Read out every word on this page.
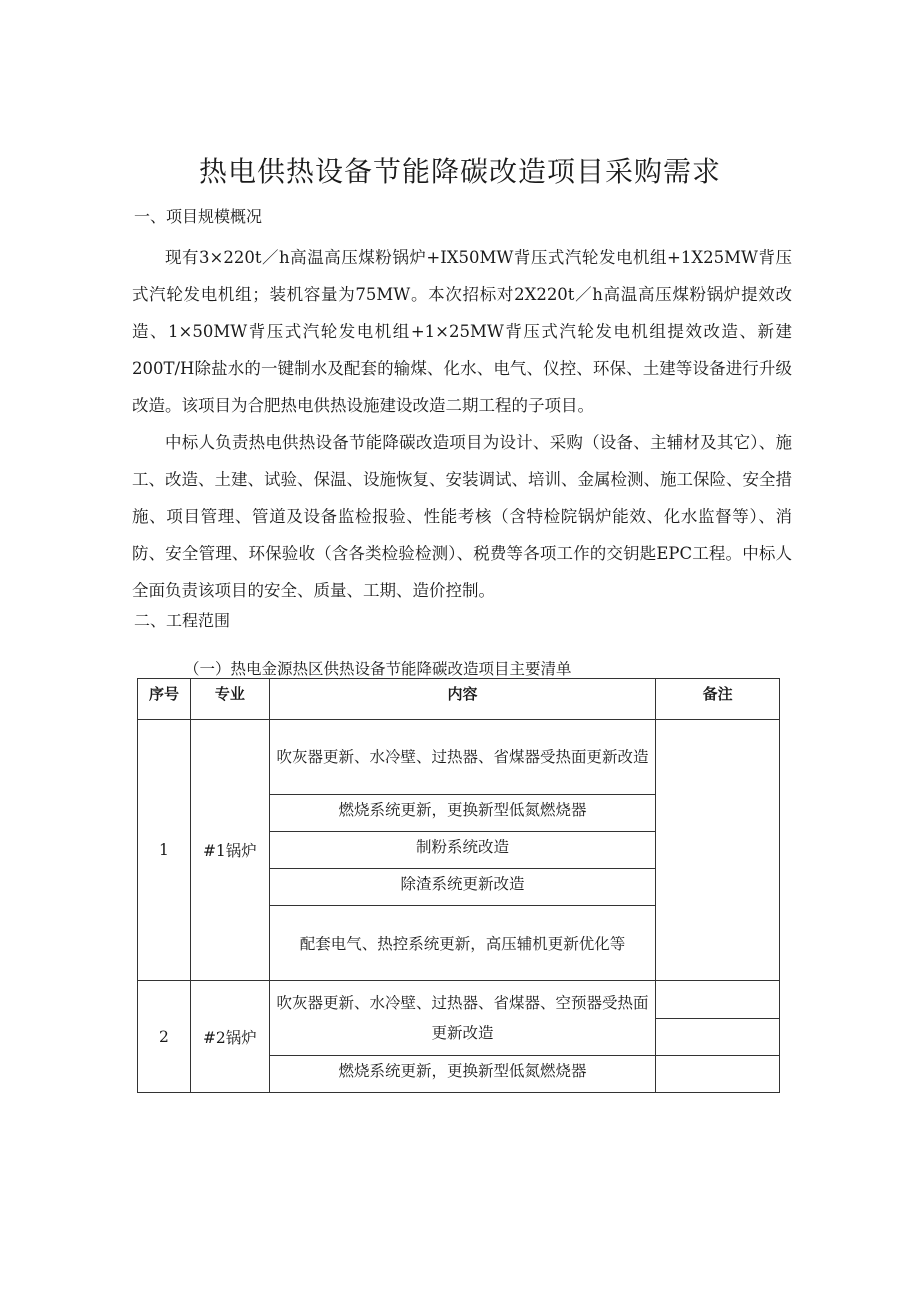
热电供热设备节能降碳改造项目采购需求

一、项目规模概况

现有3×220t／h高温高压煤粉锅炉+IX50MW背压式汽轮发电机组+1X25MW背压式汽轮发电机组；装机容量为75MW。本次招标对2X220t／h高温高压煤粉锅炉提效改造、1×50MW背压式汽轮发电机组+1×25MW背压式汽轮发电机组提效改造、新建200T/H除盐水的一键制水及配套的输煤、化水、电气、仪控、环保、土建等设备进行升级改造。该项目为合肥热电供热设施建设改造二期工程的子项目。

中标人负责热电供热设备节能降碳改造项目为设计、采购（设备、主辅材及其它）、施工、改造、土建、试验、保温、设施恢复、安装调试、培训、金属检测、施工保险、安全措施、项目管理、管道及设备监检报验、性能考核（含特检院锅炉能效、化水监督等）、消防、安全管理、环保验收（含各类检验检测）、税费等各项工作的交钥匙EPC工程。中标人全面负责该项目的安全、质量、工期、造价控制。

二、工程范围

（一）热电金源热区供热设备节能降碳改造项目主要清单

序号	专业	内容	备注
1	#1锅炉	吹灰器更新、水冷壁、过热器、省煤器受热面更新改造	
		燃烧系统更新，更换新型低氮燃烧器	
		制粉系统改造	
		除渣系统更新改造	
		配套电气、热控系统更新，高压辅机更新优化等	
2	#2锅炉	吹灰器更新、水冷壁、过热器、省煤器、空预器受热面更新改造	

		燃烧系统更新，更换新型低氮燃烧器	
